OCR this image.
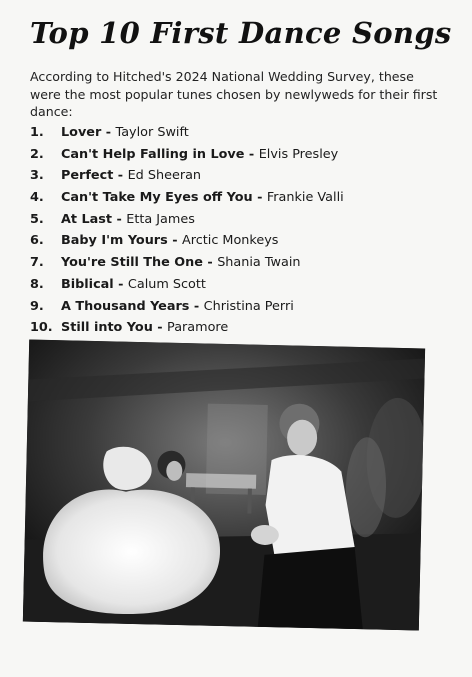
Top 10 First Dance Songs
According to Hitched's 2024 National Wedding Survey, these were the most popular tunes chosen by newlyweds for their first dance:
1. Lover - Taylor Swift
2. Can't Help Falling in Love - Elvis Presley
3. Perfect - Ed Sheeran
4. Can't Take My Eyes off You - Frankie Valli
5. At Last - Etta James
6. Baby I'm Yours - Arctic Monkeys
7. You're Still The One - Shania Twain
8. Biblical - Calum Scott
9. A Thousand Years - Christina Perri
10. Still into You - Paramore
